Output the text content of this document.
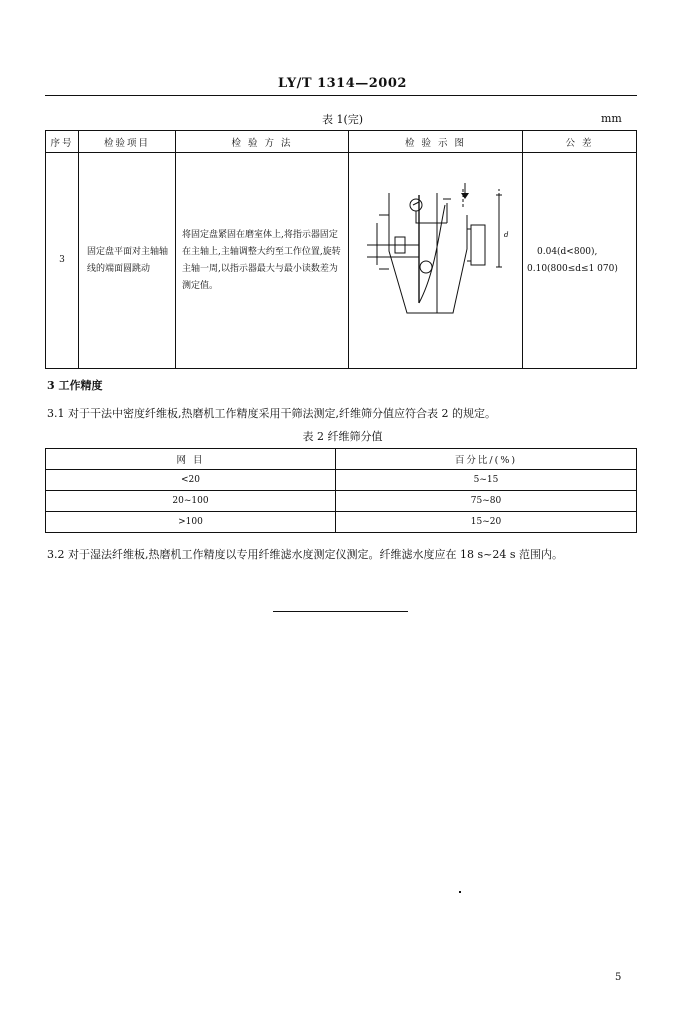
LY/T 1314—2002
表 1(完)	mm
序号	检验项目	检 验 方 法	检 验 示 图	公 差
3	固定盘平面对主轴轴线的端面圆跳动	将固定盘紧固在磨室体上,将指示器固定在主轴上,主轴调整大约至工作位置,旋转主轴一周,以指示器最大与最小读数差为测定值。	d	0.04(d<800),
0.10(800≤d≤1 070)
3 工作精度
3.1 对于干法中密度纤维板,热磨机工作精度采用干筛法测定,纤维筛分值应符合表 2 的规定。
表 2 纤维筛分值
网 目	百分比/(%)
<20	5~15
20~100	75~80
>100	15~20
3.2 对于湿法纤维板,热磨机工作精度以专用纤维滤水度测定仪测定。纤维滤水度应在 18 s~24 s 范围内。
5
